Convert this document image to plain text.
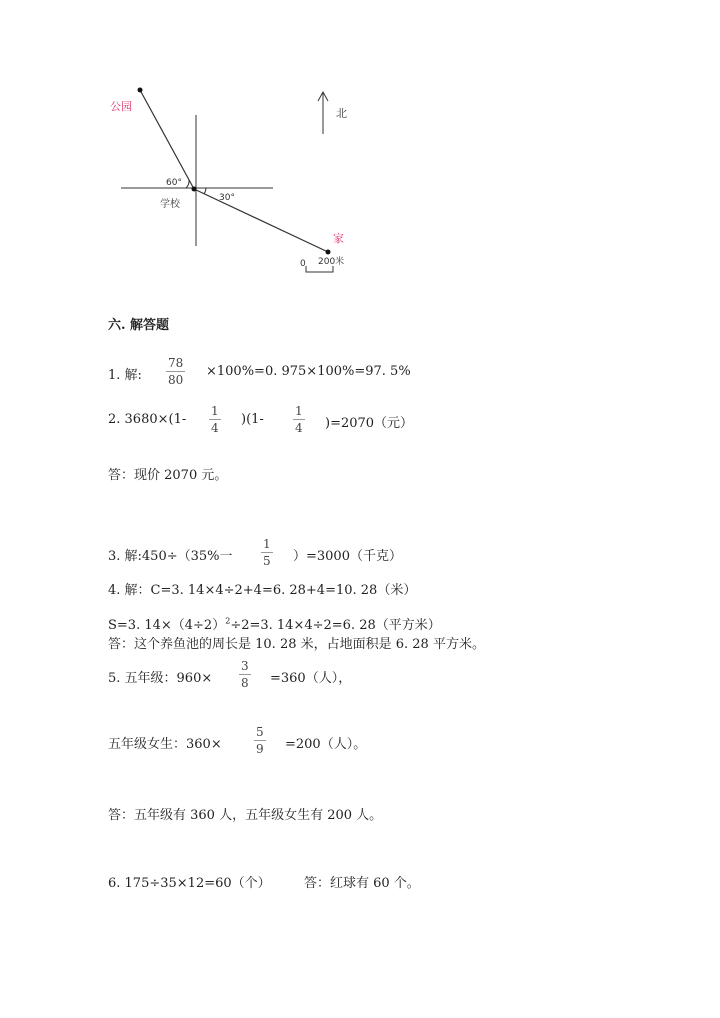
公园
学校
家
北
60°
30°
0 200米
六. 解答题
1. 解:
78
80
×100%=0. 975×100%=97. 5%
2. 3680×(1-
1
4
)(1-
1
4 )=2070（元）
答：现价 2070 元。
3. 解:450÷（35%一
1
5 ）=3000（千克）
4. 解：C=3. 14×4÷2+4=6. 28+4=10. 28（米）
S=3. $14\times(4\div 2)^2\div 2=3$. 14×4÷2=6. 28（平方米）
答：这个养鱼池的周长是 10. 28 米，占地面积是 6. 28 平方米。
5. 五年级：960×
3
8 =360（人），
五年级女生：360×
5
9 =200（人）。
答：五年级有 360 人，五年级女生有 200 人。
6. 175÷35×12=60（个）	答：红球有 60 个。
